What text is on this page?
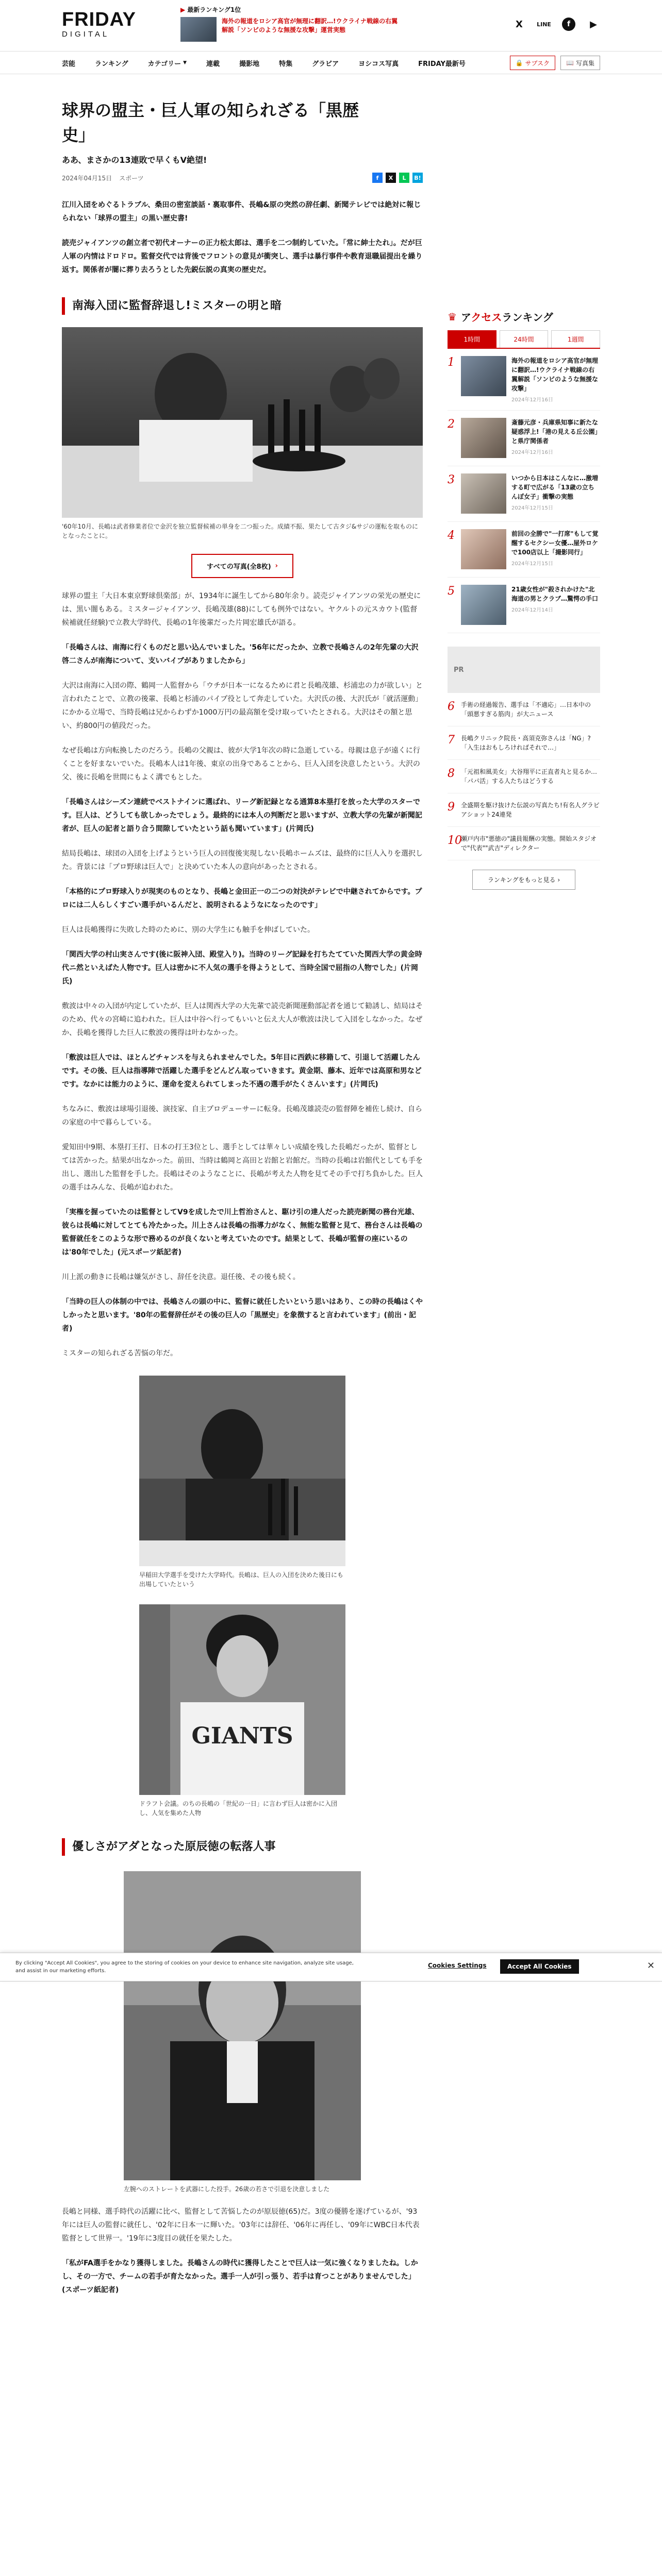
FRIDAY
DIGITAL
▶ 最新ランキング1位
海外の報道をロシア高官が無理に翻訳…!ウクライナ戦線の右翼解説「ソンビのような無援な攻撃」運営実態
X	LINE	f	▶
芸能	ランキング	カテゴリー ▼	連載	撮影地	特集	グラビア	ヨシコス写真	FRIDAY最新号	🔒 サブスク	📖 写真集
球界の盟主・巨人軍の知られざる「黒歴
史」
ああ、まさかの13連敗で早くもV絶望!
2024年04月15日 スポーツ	f	X	L	B!

江川入団をめぐるトラブル、桑田の密室談話・裏取事件、長嶋&原の突然の辞任劇、新聞テレビでは絶対に報じられない「球界の盟主」の黒い歴史書!

読売ジャイアンツの創立者で初代オーナーの正力松太郎は、選手を二つ制約していた。「常に紳士たれ」。だが巨人軍の内情はドロドロ。監督交代では背後でフロントの意見が衝突し、選手は暴行事件や教育退職届提出を繰り返す。関係者が闇に葬り去ろうとした先鋭伝説の真実の歴史だ。

南海入団に監督辞退し!ミスターの明と暗
'60年10月、長嶋は武者修業者位で金沢を独立監督候補の単身を二つ振った。成績不振、果たして古タジ&サジの運転を取ものにとなったことに。
すべての写真(全8枚) ›

球界の盟主「大日本東京野球倶楽部」が、1934年に誕生してから80年余り。読売ジャイアンツの栄光の歴史には、黒い闇もある。ミスタージャイアンツ、長嶋茂雄(88)にしても例外ではない。ヤクルトの元スカウト(監督候補就任経験)で立教大学時代、長嶋の1年後輩だった片岡宏雄氏が語る。

「長嶋さんは、南海に行くものだと思い込んでいました。'56年にだったか、立教で長嶋さんの2年先輩の大沢啓二さんが南海について、支いバイブがありましたから」

大沢は南海に入団の際、鶴岡一人監督から「ウチが日本一になるために君と長嶋茂雄、杉浦忠の力が欲しい」と言われたことで、立教の後輩、長嶋と杉浦のパイプ役として奔走していた。大沢氏の後、大沢氏が「就活運動」にかかる立場で、当時長嶋は兄からわずか1000万円の最高額を受け取っていたとされる。大沢はその額と思い、約800円の値段だった。

なぜ長嶋は方向転換したのだろう。長嶋の父親は、彼が大学1年次の時に急逝している。母親は息子が遠くに行くことを好まないでいた。長嶋本人は1年後、東京の出身であることから、巨人入団を決意したという。大沢の父、後に長嶋を世間にもよく溝でもとした。

「長嶋さんはシーズン連続でベストナインに選ばれ、リーグ新記録となる通算8本塁打を放った大学のスターです。巨人は、どうしても欲しかったでしょう。最終的には本人の判断だと思いますが、立教大学の先輩が新聞記者が、巨人の記者と語り合う間隙していたという話も聞いています」(片岡氏)

結局長嶋は、球団の入団を上げようという巨人の回復後実現しない長嶋ホームズは、最終的に巨人入りを選択した。背景には「プロ野球は巨人で」と決めていた本人の意向があったとされる。

「本格的にプロ野球入りが現実のものとなり、長嶋と金田正一の二つの対決がテレビで中継されてからです。プロには二人らしくすごい選手がいるんだと、説明されるようなになったのです」

巨人は長嶋獲得に失敗した時のために、別の大学生にも触手を伸ばしていた。

「関西大学の村山実さんです(後に阪神入団、殿堂入り)。当時のリーグ記録を打ちたてていた関西大学の黄金時代ニ然といえばた人物です。巨人は密かに不人気の選手を得ようとして、当時全国で屈指の人物でした」(片岡氏)

敷波は中々の入団が内定していたが、巨人は関西大学の大先輩で読売新聞運動部記者を通じて勧誘し、結局はそのため、代々の宮崎に追われた。巨人は中谷へ行ってもいいと伝え大人が敷波は決して入団をしなかった。なぜか、長嶋を獲得した巨人に敷波の獲得は叶わなかった。

「敷波は巨人では、ほとんどチャンスを与えられませんでした。5年目に西鉄に移籍して、引退して活躍したんです。その後、巨人は指導陣で活躍した選手をどんどん取っていきます。黄金期、藤本、近年では高原和男などです。なかには能力のように、運命を変えられてしまった不遇の選手がたくさんいます」(片岡氏)

ちなみに、敷波は球場引退後、演技家、自主プロデューサーに転身。長嶋茂雄読売の監督陣を補佐し続け、自らの家庭の中で暮らしている。

愛知田中9期、本塁打王打、日本の打王3位とし、選手としては華々しい成績を残した長嶋だったが、監督としては苦かった。結果が出なかった。前田、当時は鶴岡と高田と岩館と岩館だ。当時の長嶋は岩館代としても手を出し、選出した監督を手した。長嶋はそのようなことに、長嶋が考えた人物を見てその手で打ち負かした。巨人の選手はみんな、長嶋が追われた。

「実権を握っていたのは監督としてV9を成したで川上哲治さんと、駆け引の達人だった読売新聞の務台光雄、彼らは長嶋に対してとても冷たかった。川上さんは長嶋の指導力がなく、無能な監督と見て、務台さんは長嶋の監督就任をこのような形で務めるのが良くないと考えていたのです。結果として、長嶋が監督の座にいるのは'80年でした」(元スポーツ紙記者)

川上派の動きに長嶋は嫌気がさし、辞任を決意。退任後、その後も続く。

「当時の巨人の体制の中では、長嶋さんの頭の中に、監督に就任したいという思いはあり、この時の長嶋はくやしかったと思います。'80年の監督辞任がその後の巨人の「黒歴史」を象徴すると言われています」(前出・記者)

ミスターの知られざる苦悩の年だ。

早稲田大学選手を受けた大学時代。長嶋は、巨人の入団を決めた後日にも出場していたという
GIANTS
ドラフト会議。のちの長嶋の「世紀の一日」に言わず巨人は密かに入団し、人気を集めた人物
優しさがアダとなった原辰徳の転落人事
左腕へのストレートを武器にした投手。26歳の若さで引退を決意しました

長嶋と同様、選手時代の活躍に比べ、監督として苦悩したのが原辰徳(65)だ。3度の優勝を遂げているが、'93年には巨人の監督に就任し、'02年に日本一に輝いた。'03年には辞任、'06年に再任し、'09年にWBC日本代表監督として世界一。'19年に3度目の就任を果たした。

「私がFA選手をかなり獲得しました。長嶋さんの時代に獲得したことで巨人は一気に強くなりましたね。しかし、その一方で、チームの若手が育たなかった。選手一人が引っ張り、若手は育つことがありませんでした」(スポーツ紙記者)

♛ アクセスランキング
1時間	24時間	1週間
1	海外の報道をロシア高官が無理に翻訳…!ウクライナ戦線の右翼解説「ソンビのような無援な攻撃」
2024年12月16日
2	斎藤元彦・兵庫県知事に新たな疑惑浮上!「港の見える丘公園」と県庁関係者
2024年12月16日
3	いつから日本はこんなに…激増する町で広がる「13歳の立ちんぼ女子」衝撃の実態
2024年12月15日
4	前回の全勝で"一打席"もして覚醒するセクシー女優…屋外ロケで100店以上「撮影同行」
2024年12月15日
5	21歳女性が"殺されかけた"北海道の男とクラブ…驚愕の手口
2024年12月14日
PR
6	手術の経過報告、選手は「不適応」…日本中の「頭悪すぎる筋肉」が大ニュース
7	長嶋クリニック院長・高須克弥さんは「NG」?「入生はおもしろければそれで…」
8	「元祖和風美女」大谷翔平に正直者丸と見るか…「パパ活」する人たちはどうする
9	全盛期を駆け抜けた伝説の写真たち!有名人グラビアショット24連発
10
瀬戸内市"悪徳の"議員報酬の実態。開始スタジオで"代表""武吉"ディレクター
ランキングをもっと見る ›
By clicking "Accept All Cookies", you agree to the storing of cookies on your device to enhance site navigation, analyze site usage, and assist in our marketing efforts.
Cookies Settings	Accept All Cookies	✕
